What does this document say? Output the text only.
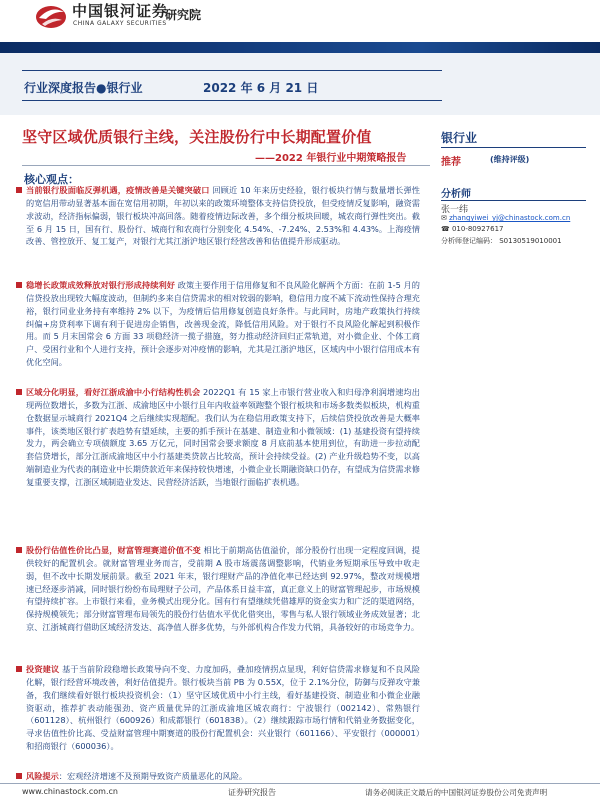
中国银河证券
CHINA GALAXY SECURITIES
研究院
行业深度报告●银行业	2022 年 6 月 21 日
坚守区域优质银行主线，关注股份行中长期配置价值
——2022 年银行业中期策略报告
核心观点：
当前银行股面临反弹机遇，疫情改善是关键突破口 回顾近 10 年来历史经验，银行板块行情与数量增长弹性的宽信用带动显著基本面在宽信用初期，年初以来的政策环境整体支持信贷投放，但受疫情反复影响，融资需求波动，经济指标偏弱，银行板块冲高回落。随着疫情边际改善，多个细分板块回暖，城农商行弹性突出。截至 6 月 15 日，国有行、股份行、城商行和农商行分别变化 4.54%、-7.24%、2.53%和 4.43%。上海疫情改善、管控放开、复工复产，对银行尤其江浙沪地区银行经营改善和估值提升形成驱动。
稳增长政策成效释放对银行形成持续利好 政策主要作用于信用修复和不良风险化解两个方面：在前 1-5 月的信贷投放出现较大幅度波动，但制约多来自信贷需求的相对较弱的影响，稳信用力度不减下流动性保持合理充裕，银行同业业务持有率维持 2% 以下，为疫情后信用修复创造良好条件。与此同时，房地产政策执行持续纠偏+房贷利率下调有利于促进房企销售，改善现金流，降低信用风险。对于银行不良风险化解起到积极作用。而 5 月末国常会 6 方面 33 项稳经济一揽子措施，努力推动经济回归正常轨道，对小微企业、个体工商户、受困行业和个人进行支持，预计会逐步对冲疫情的影响，尤其是江浙沪地区，区域内中小银行信用成本有优化空间。
区域分化明显，看好江浙成渝中小行结构性机会 2022Q1 有 15 家上市银行营业收入和归母净利润增速均出现两位数增长，多数为江浙、成渝地区中小银行且年内收益率领跑整个银行板块和市场多数类似板块，机构重仓数据显示城商行 2021Q4 之后继续实现超配。我们认为在稳信用政策支持下，后续信贷投放改善是大概率事件，该类地区银行扩表趋势有望延续，主要的抓手预计在基建、制造业和小微领域：(1) 基建投资有望持续发力，两会确立专项债额度 3.65 万亿元，同时国常会要求额度 8 月底前基本使用到位，有助进一步拉动配套信贷增长，部分江浙成渝地区中小行基建类贷款占比较高，预计会持续受益。(2) 产业升级趋势不变，以高端制造业为代表的制造业中长期贷款近年来保持较快增速，小微企业长期融资缺口仍存，有望成为信贷需求修复重要支撑，江浙区域制造业发达、民营经济活跃，当地银行面临扩表机遇。
股份行估值性价比凸显，财富管理赛道价值不变 相比于前期高估值溢价，部分股份行出现一定程度回调，提供较好的配置机会。就财富管理业务而言，受前期 A 股市场震荡调整影响，代销业务短期承压导致中收走弱，但不改中长期发展前景。截至 2021 年末，银行理财产品的净值化率已经达到 92.97%，整改对规模增速已经逐步消减，同时银行纷纷布局理财子公司，产品体系日益丰富，真正意义上的财富管理起步，市场规模有望持续扩容。上市银行来看，业务模式出现分化。国有行有望继续凭借雄厚的资金实力和广泛的渠道网络，保持规模领先；部分财富管理布局领先的股份行估值水平优化借突出，零售与私人银行领域业务成效显著；北京、江浙城商行借助区域经济发达、高净值人群多优势，与外部机构合作发力代销，具备较好的市场竞争力。
投资建议 基于当前阶段稳增长政策导向不变、力度加码，叠加疫情拐点显现，利好信贷需求修复和不良风险化解，银行经营环境改善，利好估值提升。银行板块当前 PB 为 0.55X，位于 2.1%分位，防御与反弹攻守兼备，我们继续看好银行板块投资机会：（1）坚守区域优质中小行主线，看好基建投资、制造业和小微企业融资驱动，推荐扩表动能强劲、资产质量优异的江浙成渝地区城农商行：宁波银行（002142）、常熟银行（601128）、杭州银行（600926）和成都银行（601838）。（2）继续跟踪市场行情和代销业务数据变化，寻求估值性价比高、受益财富管理中期赛道的股份行配置机会：兴业银行（601166）、平安银行（000001）和招商银行（600036）。
风险提示：宏观经济增速不及预期导致资产质量恶化的风险。
银行业
推荐	(维持评级)
分析师
张一纬
✉ zhangyiwei_yj@chinastock.com.cn
☎ 010-80927617
分析师登记编码： S0130519010001
www.chinastock.com.cn	证券研究报告	请务必阅读正文最后的中国银河证券股份公司免责声明
